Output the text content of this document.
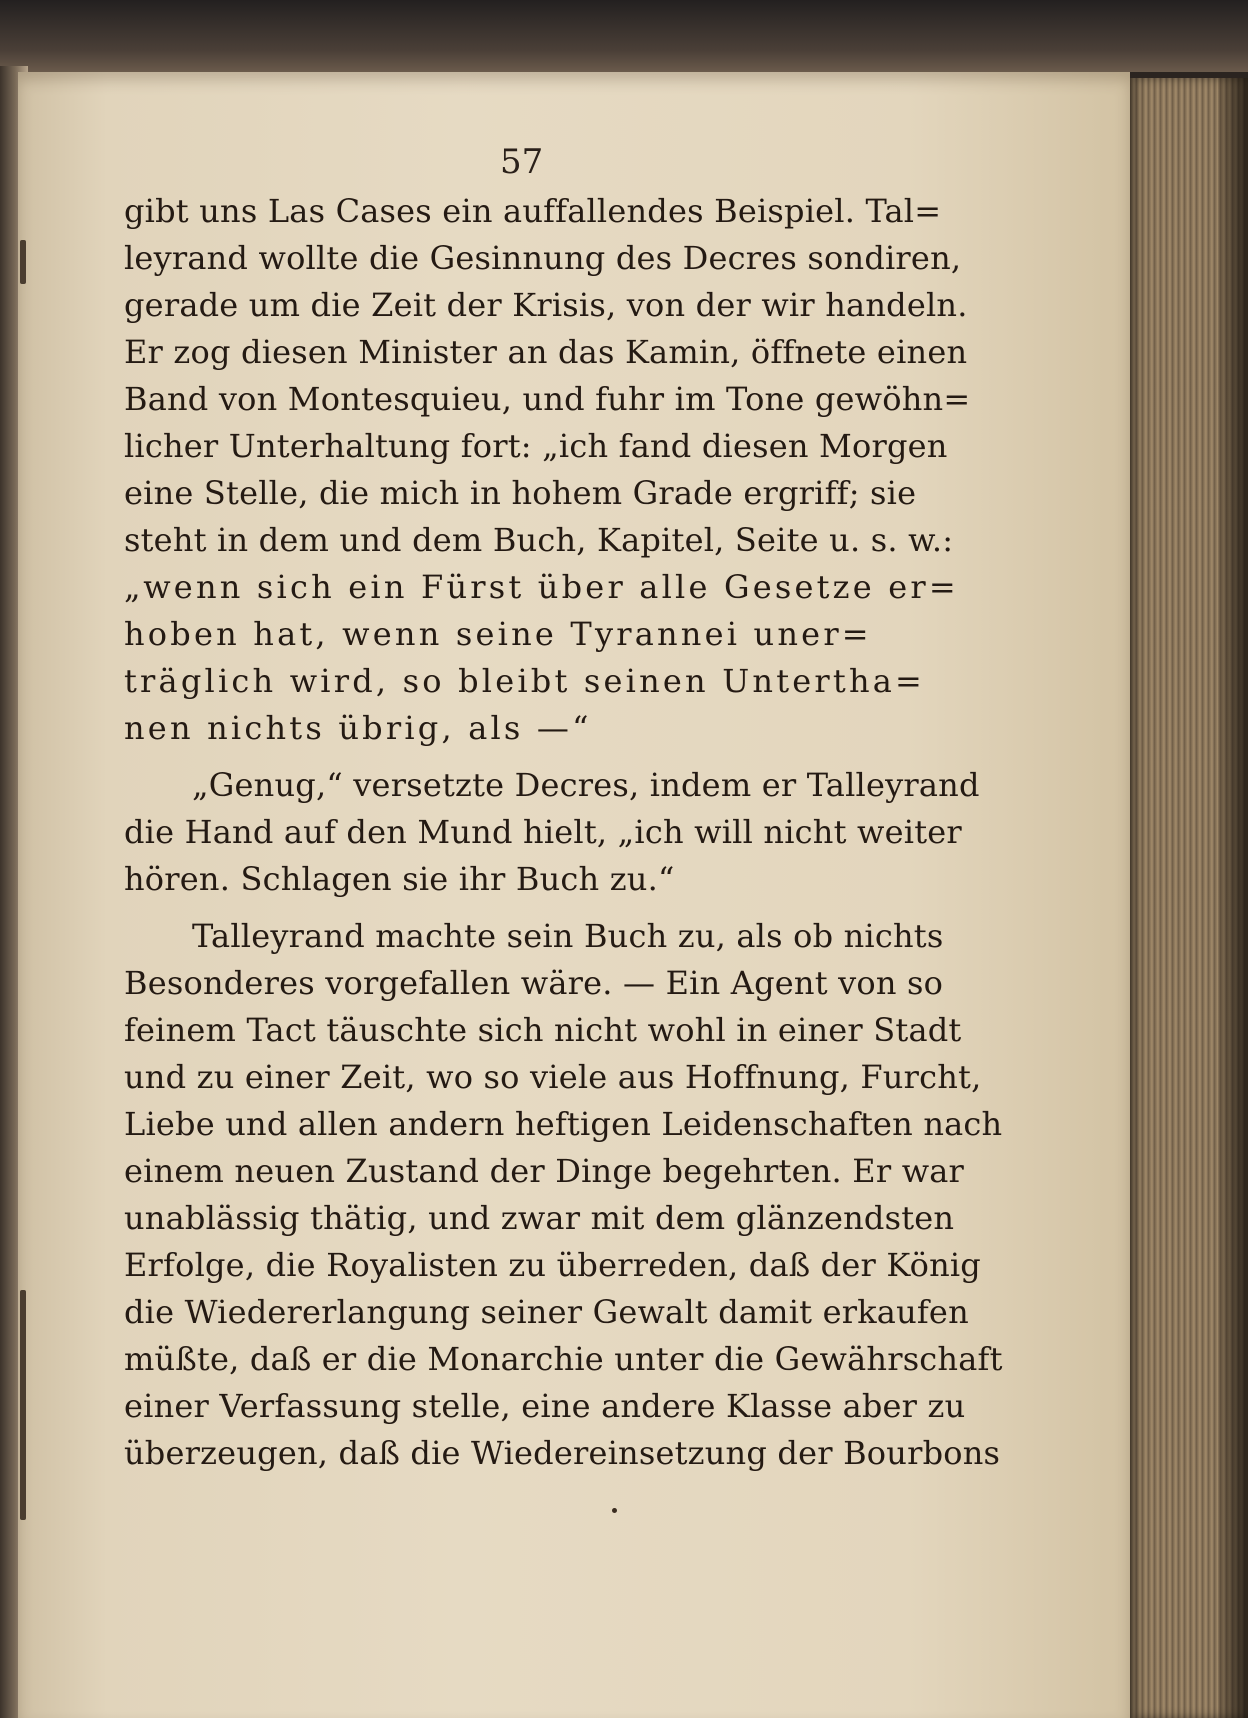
57
gibt uns Las Cases ein auffallendes Beispiel. Tal=
leyrand wollte die Gesinnung des Decres sondiren,
gerade um die Zeit der Krisis, von der wir handeln.
Er zog diesen Minister an das Kamin, öffnete einen
Band von Montesquieu, und fuhr im Tone gewöhn=
licher Unterhaltung fort: „ich fand diesen Morgen
eine Stelle, die mich in hohem Grade ergriff; sie
steht in dem und dem Buch, Kapitel, Seite u. s. w.:
„wenn sich ein Fürst über alle Gesetze er=
hoben hat, wenn seine Tyrannei uner=
träglich wird, so bleibt seinen Untertha=
nen nichts übrig, als —“
„Genug,“ versetzte Decres, indem er Talleyrand
die Hand auf den Mund hielt, „ich will nicht weiter
hören. Schlagen sie ihr Buch zu.“
Talleyrand machte sein Buch zu, als ob nichts
Besonderes vorgefallen wäre. — Ein Agent von so
feinem Tact täuschte sich nicht wohl in einer Stadt
und zu einer Zeit, wo so viele aus Hoffnung, Furcht,
Liebe und allen andern heftigen Leidenschaften nach
einem neuen Zustand der Dinge begehrten. Er war
unablässig thätig, und zwar mit dem glänzendsten
Erfolge, die Royalisten zu überreden, daß der König
die Wiedererlangung seiner Gewalt damit erkaufen
müßte, daß er die Monarchie unter die Gewährschaft
einer Verfassung stelle, eine andere Klasse aber zu
überzeugen, daß die Wiedereinsetzung der Bourbons
